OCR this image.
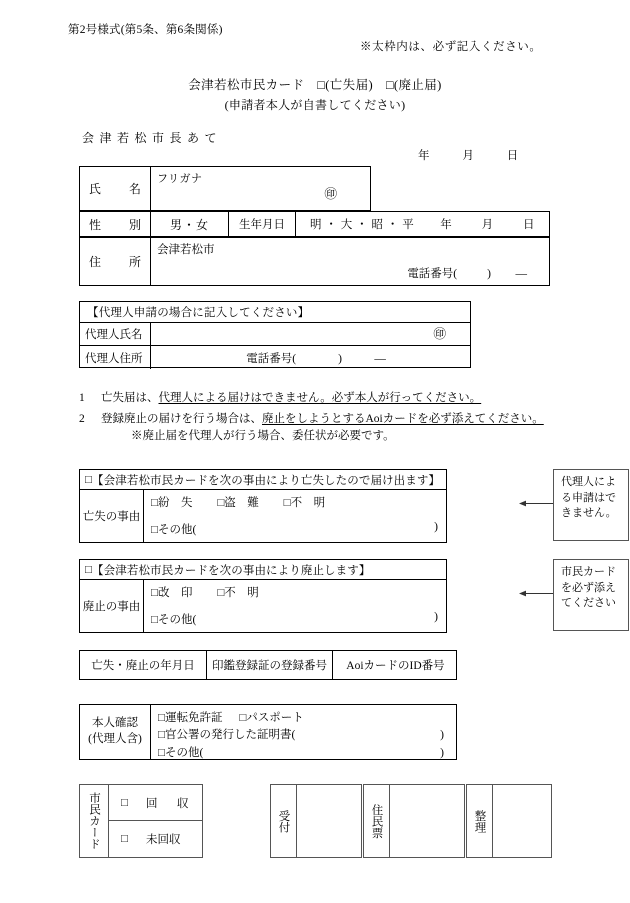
第2号様式(第5条、第6条関係)
※太枠内は、必ず記入ください。
会津若松市民カード　□(亡失届)　□(廃止届)
(申請者本人が自書してください)
会津若松市長あて
年	月	日
氏 名
フリガナ
㊞
性 別	男・女	生年月日	明 ・ 大 ・ 昭 ・ 平 年	月	日
住 所
会津若松市
電話番号(	) ―
【代理人申請の場合に記入してください】
代理人氏名	㊞
代理人住所	電話番号(	)	―
1	亡失届は、代理人による届けはできません。必ず本人が行ってください。
2	登録廃止の届けを行う場合は、廃止をしようとするAoiカードを必ず添えてください。
※廃止届を代理人が行う場合、委任状が必要です。
□ 【会津若松市民カードを次の事由により亡失したので届け出ます】
亡失の事由
□紛　失 □盗　難 □不　明
□その他(	)
代理人による申請はできません。
□ 【会津若松市民カードを次の事由により廃止します】
廃止の事由
□改　印 □不　明
□その他(	)
市民カードを必ず添えてください
亡失・廃止の年月日	印鑑登録証の登録番号	AoiカードのID番号
本人確認
(代理人含)
□運転免許証 □パスポート
□官公署の発行した証明書(	)
□その他(	)
市民カード	□ 回　収
□ 未回収
受付	住民票	整理
